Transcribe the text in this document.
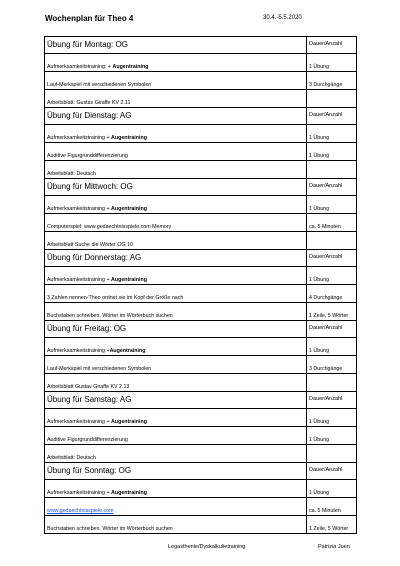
Wochenplan für Theo 4	30.4.-5.5.2020
Übung für Montag: OG	Dauer/Anzahl
Aufmerksamkeitstraining: + Augentraining	1 Übung
Lauf-Merkspiel mit verschiedenen Symbolen	3 Durchgänge
Arbeitsblatt: Gustav Giraffe KV 2.11	
Übung für Dienstag: AG	Dauer/Anzahl
Aufmerksamkeitstraining + Augentraining	1 Übung
Auditive Figurgrunddifferenzierung	1 Übung
Arbeitsblatt: Deutsch	
Übung für Mittwoch: OG	Dauer/Anzahl
Aufmerksamkeitstraining + Augentraining	1 Übung
Computerspiel: www.gedaechtnisspiele.com Memory	ca. 5 Minuten
Arbeitsblatt Suche die Wörter OG 10	
Übung für Donnerstag: AG	Dauer/Anzahl
Aufmerksamkeitstraining + Augentraining	1 Übung
3 Zahlen nennen-Theo ordnet sie im Kopf der Größe nach	4 Durchgänge
Buchstaben schreiben, Wörter im Wörterbuch suchen	1 Zeile, 5 Wörter
Übung für Freitag: OG	Dauer/Anzahl
Aufmerksamkeitstraining +Augentraining	1 Übung
Lauf-Merkspiel mit verschiedenen Symbolen	3 Durchgänge
Arbeitsblatt Gustav Giraffe KV 2.13	
Übung für Samstag: AG	Dauer/Anzahl
Aufmerksamkeitstraining + Augentraining	1 Übung
Auditive Figurgrunddifferenzierung	1 Übung
Arbeitsblatt: Deutsch	
Übung für Sonntag: OG	Dauer/Anzahl
Aufmerksamkeitstraining + Augentraining	1 Übung
www.gedaechtnisspiele.com	ca. 5 Minuten
Buchstaben schreiben. Wörter im Wörterbuch suchen	1 Zeile, 5 Wörter
Legasthenie/Dyskalkulietraining	Patrizia Juen
